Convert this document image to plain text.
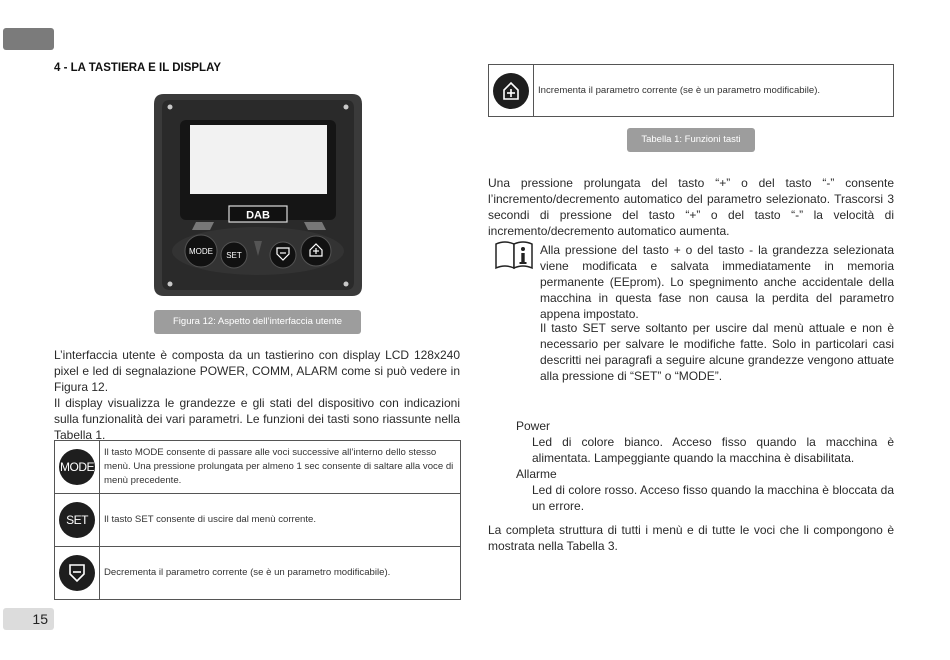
4 - LA TASTIERA E IL DISPLAY
DAB
MODE SET
Figura 12: Aspetto dell’interfaccia utente

L’interfaccia utente è composta da un tastierino con display LCD 128x240 pixel e led di segnalazione POWER, COMM, ALARM come si può vedere in Figura 12.

Il display visualizza le grandezze e gli stati del dispositivo con indicazioni sulla funzionalità dei vari parametri. Le funzioni dei tasti sono riassunte nella Tabella 1.

MODE	Il tasto MODE consente di passare alle voci successive all’interno dello stesso menù. Una pressione prolungata per almeno 1 sec consente di saltare alla voce di menù precedente.

SET	Il tasto SET consente di uscire dal menù corrente.

	Decrementa il parametro corrente (se è un parametro modificabile).
	Incrementa il parametro corrente (se è un parametro modificabile).
Tabella 1: Funzioni tasti
Una pressione prolungata del tasto “+” o del tasto “-” consente l’incremento/decremento automatico del parametro selezionato. Trascorsi 3 secondi di pressione del tasto “+” o del tasto “-” la velocità di incremento/decremento automatico aumenta.
Alla pressione del tasto + o del tasto - la grandezza selezionata viene modificata e salvata immediatamente in memoria permanente (EEprom). Lo spegnimento anche accidentale della macchina in questa fase non causa la perdita del parametro appena impostato.
Il tasto SET serve soltanto per uscire dal menù attuale e non è necessario per salvare le modifiche fatte. Solo in particolari casi descritti nei paragrafi a seguire alcune grandezze vengono attuate alla pressione di “SET” o “MODE”.

Power

Led di colore bianco. Acceso fisso quando la macchina è alimentata. Lampeggiante quando la macchina è disabilitata.

Allarme

Led di colore rosso. Acceso fisso quando la macchina è bloccata da un errore.

La completa struttura di tutti i menù e di tutte le voci che li compongono è mostrata nella Tabella 3.
15
